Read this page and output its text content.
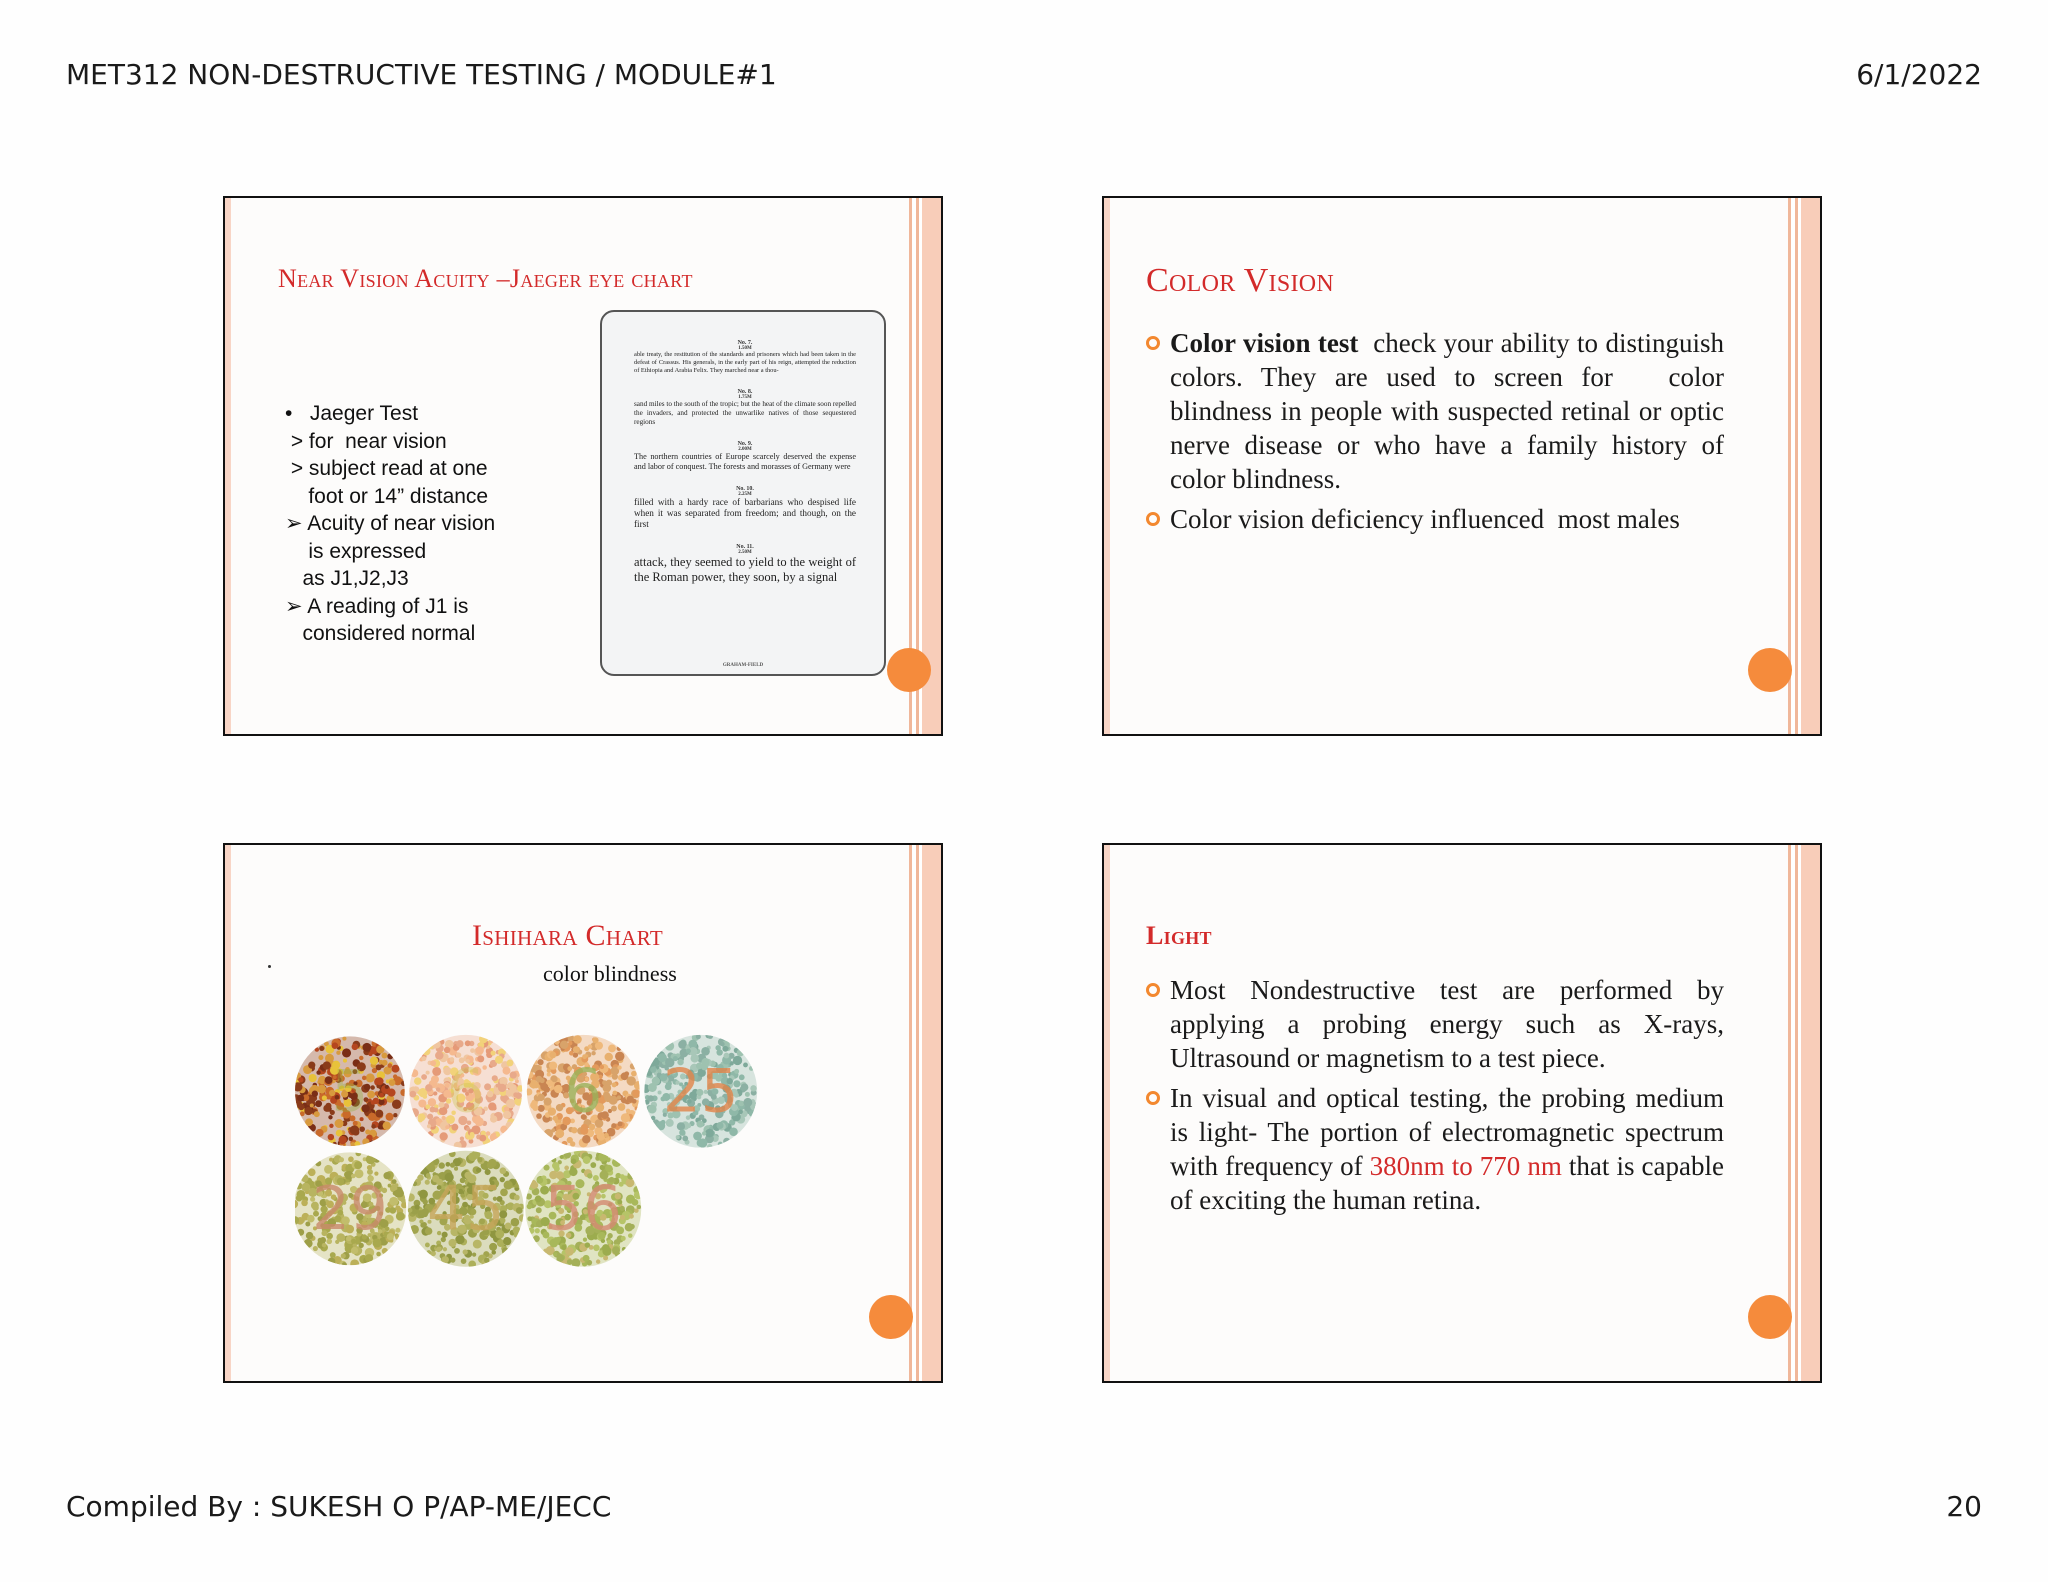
MET312 NON-DESTRUCTIVE TESTING / MODULE#1	6/1/2022
Near Vision Acuity –Jaeger eye chart
•   Jaeger Test
> for  near vision
> subject read at one
foot or 14” distance
➢ Acuity of near vision
is expressed
as J1,J2,J3
➢ A reading of J1 is
considered normal
No. 7.
1.50M
able treaty, the restitution of the standards and prisoners which had been taken in the defeat of Crassus. His generals, in the early part of his reign, attempted the reduction of Ethiopia and Arabia Felix. They marched near a thou-
No. 8.
1.75M
sand miles to the south of the tropic; but the heat of the climate soon repelled the invaders, and protected the unwarlike natives of those sequestered regions
No. 9.
2.00M
The northern countries of Europe scarcely deserved the expense and labor of conquest. The forests and morasses of Germany were
No. 10.
2.25M
filled with a hardy race of barbarians who despised life when it was separated from freedom; and though, on the first
No. 11.
2.50M
attack, they seemed to yield to the weight of the Roman power, they soon, by a signal
GRAHAM-FIELD
Color Vision
Color vision test  check your ability to distinguish colors. They are used to screen for   color blindness in people with suspected retinal or optic nerve disease or who have a family history of color blindness.
Color vision deficiency influenced  most males
Ishihara Chart
color blindness
5 6 6 25
29 45 56
Light
Most Nondestructive test are performed by applying a probing energy such as X-rays, Ultrasound or magnetism to a test piece.
In visual and optical testing, the probing medium is light- The portion of electromagnetic spectrum with frequency of 380nm to 770 nm that is capable of exciting the human retina.
Compiled By : SUKESH O P/AP-ME/JECC	20
